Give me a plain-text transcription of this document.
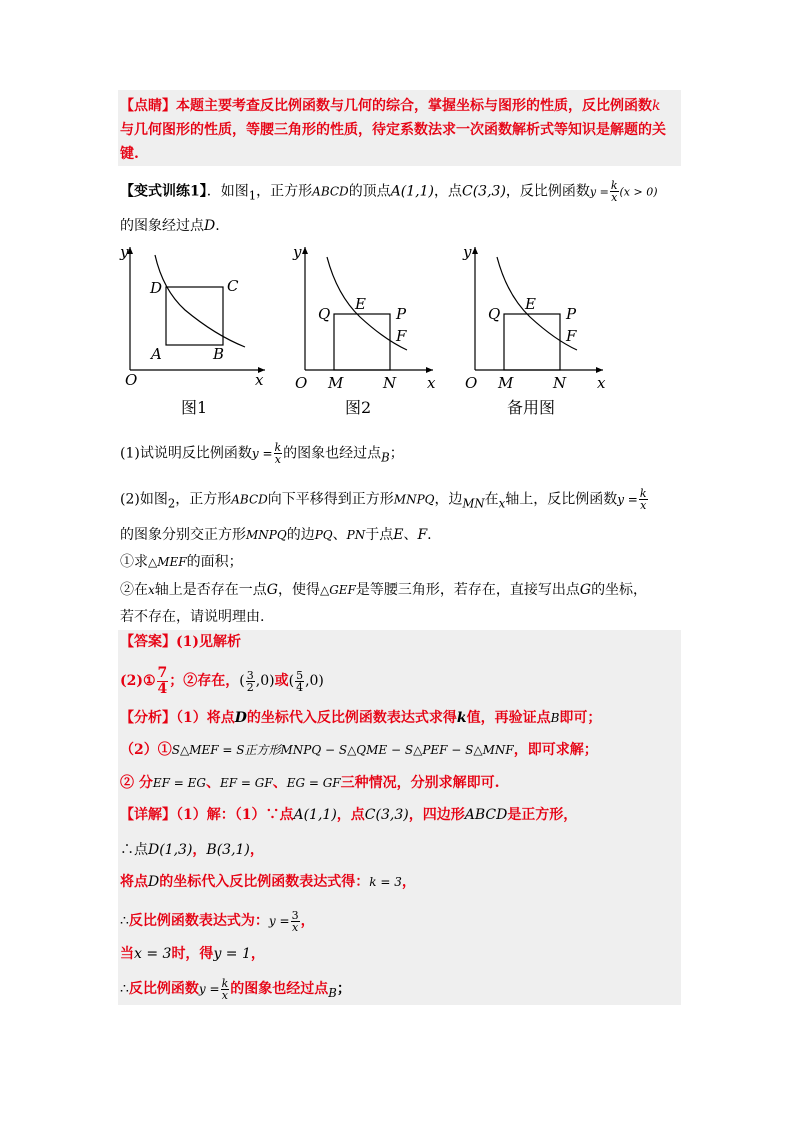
【点睛】本题主要考查反比例函数与几何的综合，掌握坐标与图形的性质，反比例函数k
与几何图形的性质，等腰三角形的性质，待定系数法求一次函数解析式等知识是解题的关
键.
【变式训练1】．如图$_1$，正方形ABCD的顶点A(1,1)，点C(3,3)，反比例函数$y = \frac{k}{x} (x > 0)$
的图象经过点D.
y
O	x
D	C
A	B
图1
y
O	x
Q
E
P
F
M	N
图2
y
O	x
Q
E
P
F
M	N
备用图
(1)试说明反比例函数$y = \frac{k}{x}$ 的图象也经过点$_B$；
(2)如图$_2$，正方形ABCD向下平移得到正方形MNPQ，边$_{MN}$在$_x$轴上，反比例函数$y = \frac{k}{x}$
的图象分别交正方形MNPQ的边PQ、PN于点E、F.
①求△MEF的面积；
②在x轴上是否存在一点G，使得△GEF是等腰三角形，若存在，直接写出点G的坐标，
若不存在，请说明理由.
【答案】(1)见解析
(2)① $\frac{7}{4}$ ；②存在，( $\frac{3}{2} ,0$)或( $\frac{5}{4} ,0$)
【分析】（1）将点D的坐标代入反比例函数表达式求得k值，再验证点B即可；
（2）①S△MEF = S正方形MNPQ − S△QME − S△PEF − S△MNF，即可求解；
② 分EF = EG、EF = GF、EG = GF三种情况，分别求解即可.
【详解】（1）解：（1）∵点A(1,1)，点C(3,3)，四边形ABCD是正方形，
∴点D(1,3)，B(3,1)，
将点D的坐标代入反比例函数表达式得：k = 3，
∴反比例函数表达式为：$y = \frac{3}{x}$ ，
当x = 3时，得y = 1，
∴反比例函数$y = \frac{k}{x}$ 的图象也经过点$_B$；
